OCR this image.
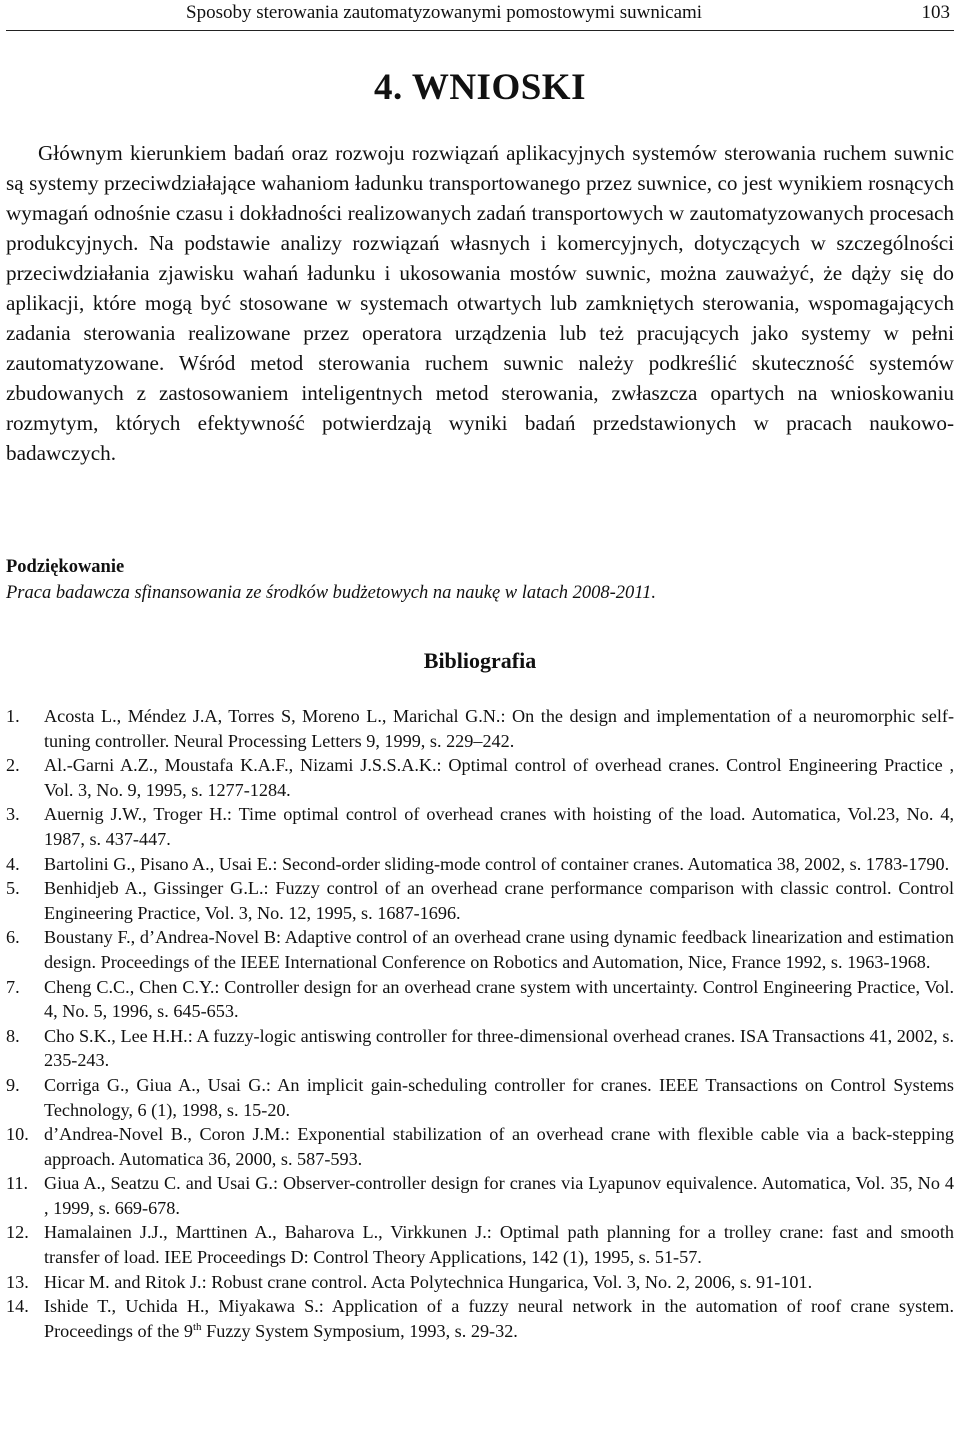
Sposoby sterowania zautomatyzowanymi pomostowymi suwnicami	103
4. WNIOSKI

Głównym kierunkiem badań oraz rozwoju rozwiązań aplikacyjnych systemów sterowania ruchem suwnic są systemy przeciwdziałające wahaniom ładunku transportowanego przez suwnice, co jest wynikiem rosnących wymagań odnośnie czasu i dokładności realizowanych zadań transportowych w zautomatyzowanych procesach produkcyjnych. Na podstawie analizy rozwiązań własnych i komercyjnych, dotyczących w szczególności przeciwdziałania zjawisku wahań ładunku i ukosowania mostów suwnic, można zauważyć, że dąży się do aplikacji, które mogą być stosowane w systemach otwartych lub zamkniętych sterowania, wspomagających zadania sterowania realizowane przez operatora urządzenia lub też pracujących jako systemy w pełni zautomatyzowane. Wśród metod sterowania ruchem suwnic należy podkreślić skuteczność systemów zbudowanych z zastosowaniem inteligentnych metod sterowania, zwłaszcza opartych na wnioskowaniu rozmytym, których efektywność potwierdzają wyniki badań przedstawionych w pracach naukowo-badawczych.

Podziękowanie
Praca badawcza sfinansowania ze środków budżetowych na naukę w latach 2008-2011.
Bibliografia
1. Acosta L., Méndez J.A, Torres S, Moreno L., Marichal G.N.: On the design and implementation of a neuromorphic self-tuning controller. Neural Processing Letters 9, 1999, s. 229–242.
2. Al.-Garni A.Z., Moustafa K.A.F., Nizami J.S.S.A.K.: Optimal control of overhead cranes. Control Engineering Practice , Vol. 3, No. 9, 1995, s. 1277-1284.
3. Auernig J.W., Troger H.: Time optimal control of overhead cranes with hoisting of the load. Automatica, Vol.23, No. 4, 1987, s. 437-447.
4. Bartolini G., Pisano A., Usai E.: Second-order sliding-mode control of container cranes. Automatica 38, 2002, s. 1783-1790.
5. Benhidjeb A., Gissinger G.L.: Fuzzy control of an overhead crane performance comparison with classic control. Control Engineering Practice, Vol. 3, No. 12, 1995, s. 1687-1696.
6. Boustany F., d’Andrea-Novel B: Adaptive control of an overhead crane using dynamic feedback linearization and estimation design. Proceedings of the IEEE International Conference on Robotics and Automation, Nice, France 1992, s. 1963-1968.
7. Cheng C.C., Chen C.Y.: Controller design for an overhead crane system with uncertainty. Control Engineering Practice, Vol. 4, No. 5, 1996, s. 645-653.
8. Cho S.K., Lee H.H.: A fuzzy-logic antiswing controller for three-dimensional overhead cranes. ISA Transactions 41, 2002, s. 235-243.
9. Corriga G., Giua A., Usai G.: An implicit gain-scheduling controller for cranes. IEEE Transactions on Control Systems Technology, 6 (1), 1998, s. 15-20.
10. d’Andrea-Novel B., Coron J.M.: Exponential stabilization of an overhead crane with flexible cable via a back-stepping approach. Automatica 36, 2000, s. 587-593.
11. Giua A., Seatzu C. and Usai G.: Observer-controller design for cranes via Lyapunov equivalence. Automatica, Vol. 35, No 4 , 1999, s. 669-678.
12. Hamalainen J.J., Marttinen A., Baharova L., Virkkunen J.: Optimal path planning for a trolley crane: fast and smooth transfer of load. IEE Proceedings D: Control Theory Applications, 142 (1), 1995, s. 51-57.
13. Hicar M. and Ritok J.: Robust crane control. Acta Polytechnica Hungarica, Vol. 3, No. 2, 2006, s. 91-101.
14. Ishide T., Uchida H., Miyakawa S.: Application of a fuzzy neural network in the automation of roof crane system. Proceedings of the 9th Fuzzy System Symposium, 1993, s. 29-32.
